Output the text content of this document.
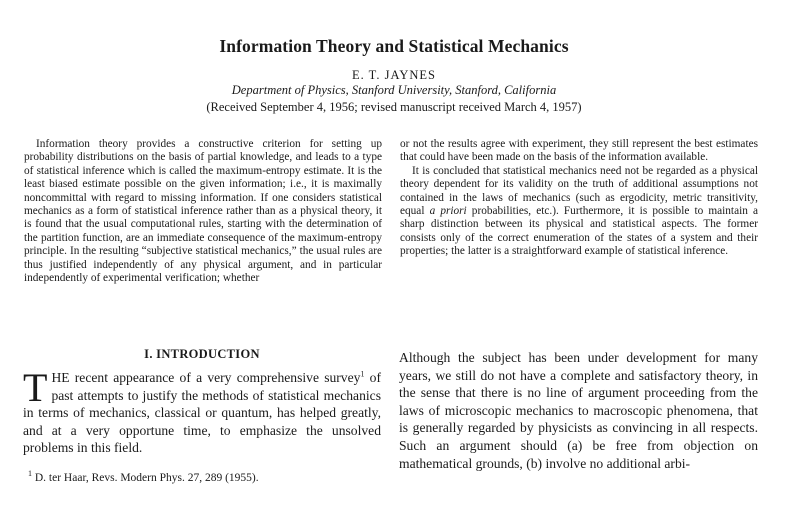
Information Theory and Statistical Mechanics
E. T. JAYNES
Department of Physics, Stanford University, Stanford, California
(Received September 4, 1956; revised manuscript received March 4, 1957)

Information theory provides a constructive criterion for setting up probability distributions on the basis of partial knowledge, and leads to a type of statistical inference which is called the maximum-entropy estimate. It is the least biased estimate possible on the given information; i.e., it is maximally noncommittal with regard to missing information. If one considers statistical mechanics as a form of statistical inference rather than as a physical theory, it is found that the usual computational rules, starting with the determination of the partition function, are an immediate consequence of the maximum-entropy principle. In the resulting “subjective statistical mechanics,” the usual rules are thus justified independently of any physical argument, and in particular independently of experimental verification; whether

or not the results agree with experiment, they still represent the best estimates that could have been made on the basis of the information available.

It is concluded that statistical mechanics need not be regarded as a physical theory dependent for its validity on the truth of additional assumptions not contained in the laws of mechanics (such as ergodicity, metric transitivity, equal a priori probabilities, etc.). Furthermore, it is possible to maintain a sharp distinction between its physical and statistical aspects. The former consists only of the correct enumeration of the states of a system and their properties; the latter is a straightforward example of statistical inference.

I. INTRODUCTION

THE recent appearance of a very comprehensive survey$^1$ of past attempts to justify the methods of statistical mechanics in terms of mechanics, classical or quantum, has helped greatly, and at a very opportune time, to emphasize the unsolved problems in this field.

$^1$ D. ter Haar, Revs. Modern Phys. 27, 289 (1955).

Although the subject has been under development for many years, we still do not have a complete and satisfactory theory, in the sense that there is no line of argument proceeding from the laws of microscopic mechanics to macroscopic phenomena, that is generally regarded by physicists as convincing in all respects. Such an argument should (a) be free from objection on mathematical grounds, (b) involve no additional arbi-
